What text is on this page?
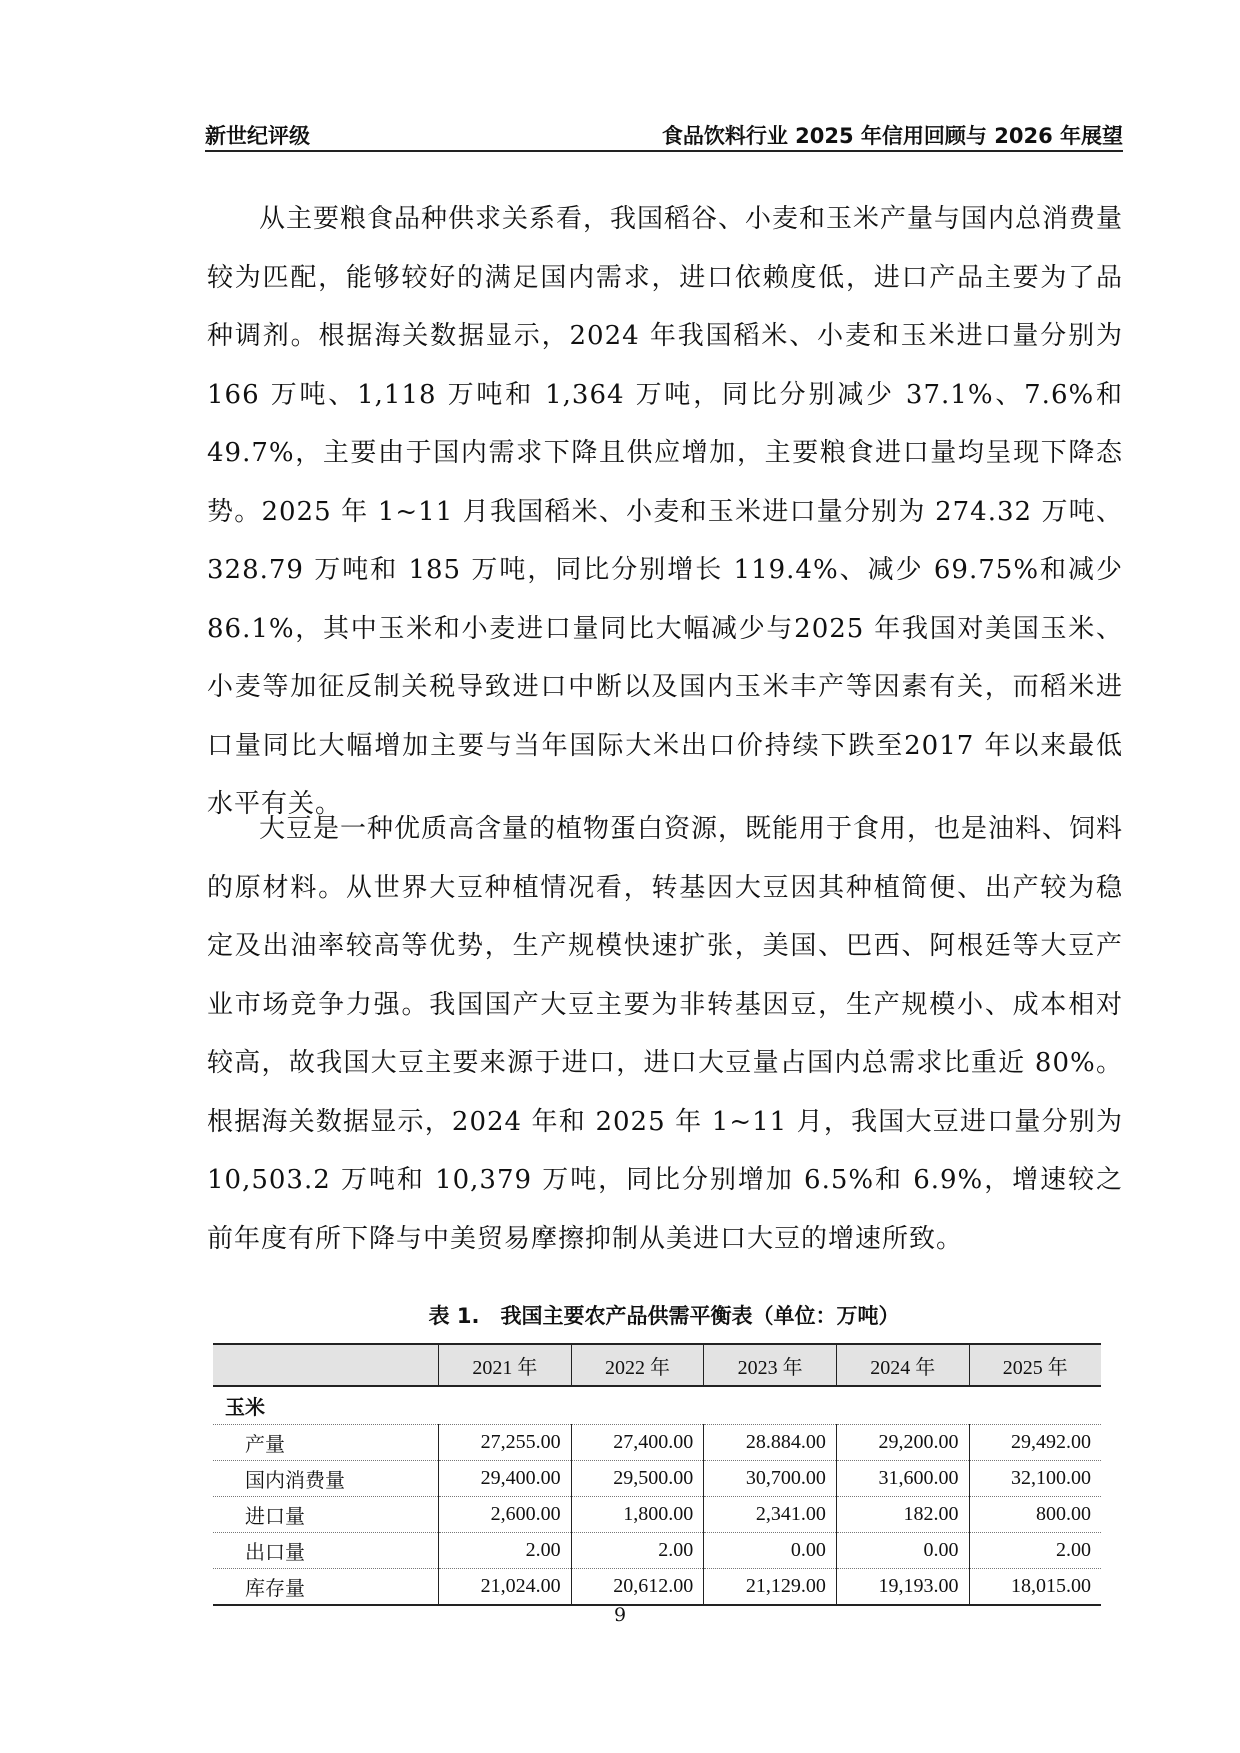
新世纪评级	食品饮料行业 2025 年信用回顾与 2026 年展望

从主要粮食品种供求关系看，我国稻谷、小麦和玉米产量与国内总消费量较为匹配，能够较好的满足国内需求，进口依赖度低，进口产品主要为了品种调剂。根据海关数据显示，2024 年我国稻米、小麦和玉米进口量分别为 166 万吨、1,118 万吨和 1,364 万吨，同比分别减少 37.1%、7.6%和 49.7%，主要由于国内需求下降且供应增加，主要粮食进口量均呈现下降态势。2025 年 1~11 月我国稻米、小麦和玉米进口量分别为 274.32 万吨、328.79 万吨和 185 万吨，同比分别增长 119.4%、减少 69.75%和减少 86.1%，其中玉米和小麦进口量同比大幅减少与2025 年我国对美国玉米、小麦等加征反制关税导致进口中断以及国内玉米丰产等因素有关，而稻米进口量同比大幅增加主要与当年国际大米出口价持续下跌至2017 年以来最低水平有关。

大豆是一种优质高含量的植物蛋白资源，既能用于食用，也是油料、饲料的原材料。从世界大豆种植情况看，转基因大豆因其种植简便、出产较为稳定及出油率较高等优势，生产规模快速扩张，美国、巴西、阿根廷等大豆产业市场竞争力强。我国国产大豆主要为非转基因豆，生产规模小、成本相对较高，故我国大豆主要来源于进口，进口大豆量占国内总需求比重近 80%。根据海关数据显示，2024 年和 2025 年 1~11 月，我国大豆进口量分别为 10,503.2 万吨和 10,379 万吨，同比分别增加 6.5%和 6.9%，增速较之前年度有所下降与中美贸易摩擦抑制从美进口大豆的增速所致。

表 1.　我国主要农产品供需平衡表（单位：万吨）
	2021 年	2022 年	2023 年	2024 年	2025 年
玉米					
产量	27,255.00	27,400.00	28.884.00	29,200.00	29,492.00
国内消费量	29,400.00	29,500.00	30,700.00	31,600.00	32,100.00
进口量	2,600.00	1,800.00	2,341.00	182.00	800.00
出口量	2.00	2.00	0.00	0.00	2.00
库存量	21,024.00	20,612.00	21,129.00	19,193.00	18,015.00
9
